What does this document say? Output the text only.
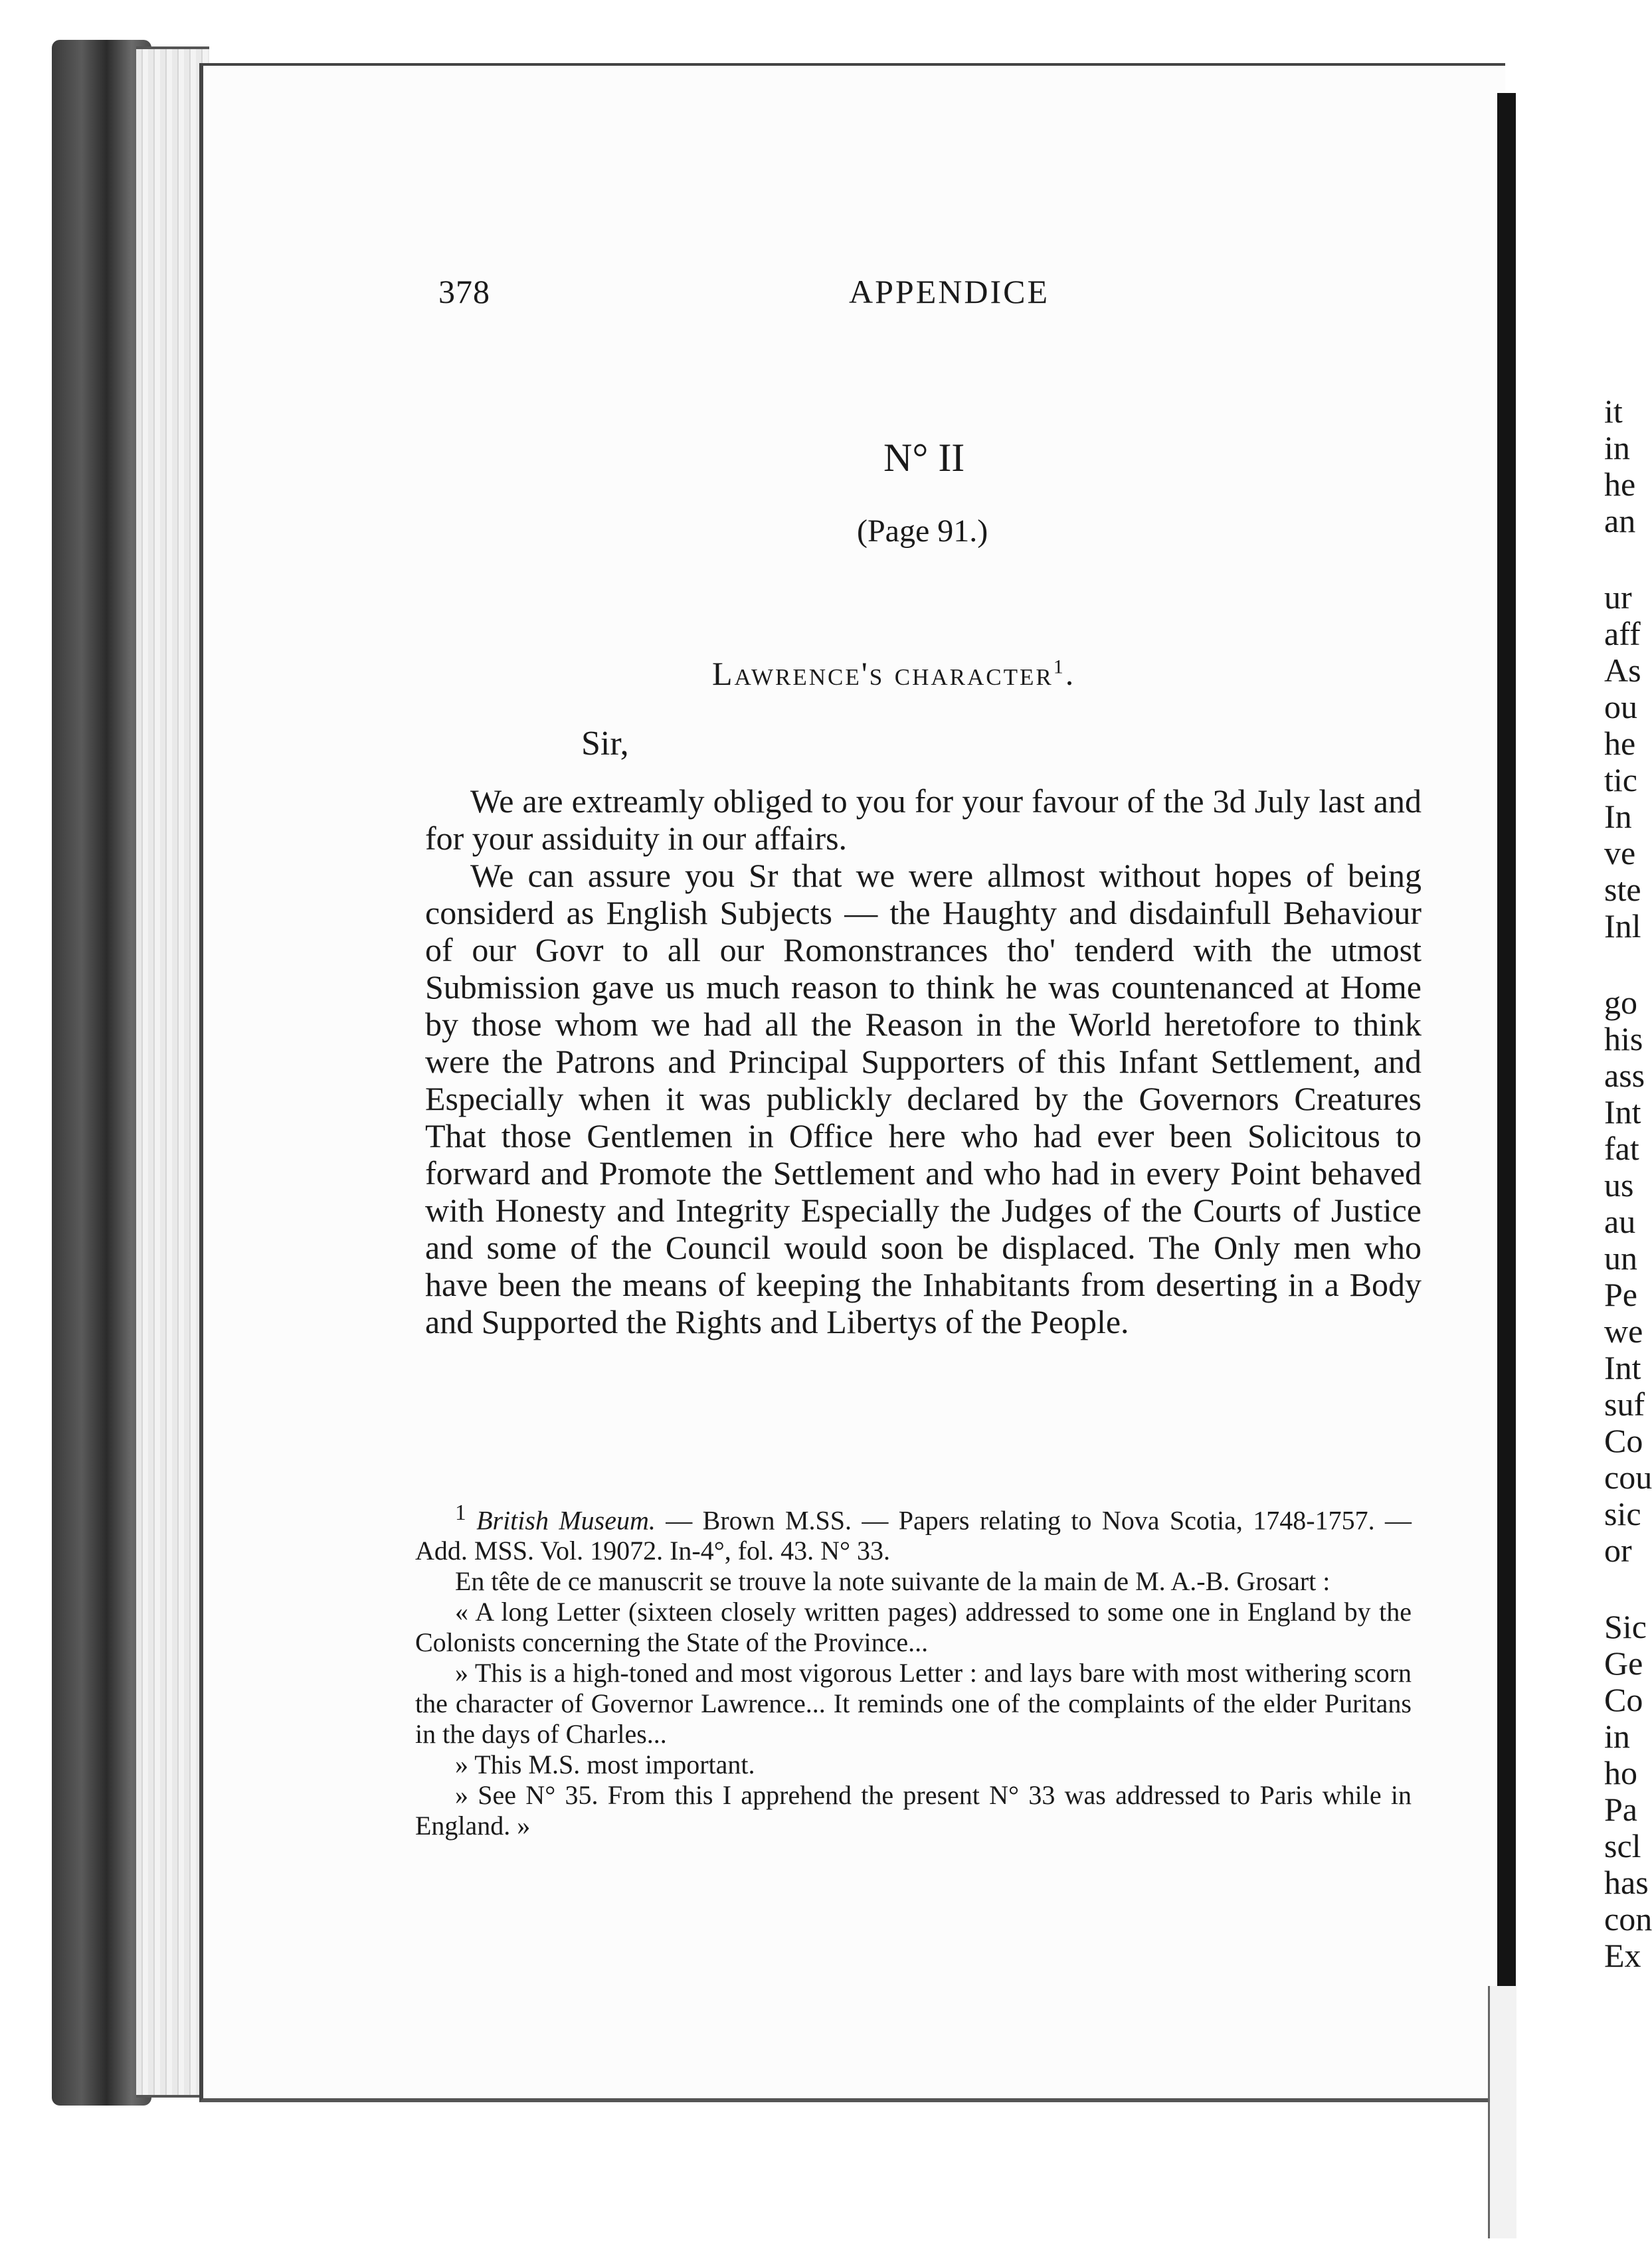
378	APPENDICE
N° II
(Page 91.)
Lawrence's character$^1$.
Sir,

We are extreamly obliged to you for your favour of the 3d July last and for your assiduity in our affairs.

We can assure you Sr that we were allmost without hopes of being considerd as English Subjects — the Haughty and disdainfull Behaviour of our Govr to all our Romonstrances tho' tenderd with the utmost Submission gave us much reason to think he was countenanced at Home by those whom we had all the Reason in the World heretofore to think were the Patrons and Principal Supporters of this Infant Settlement, and Especially when it was publickly declared by the Governors Creatures That those Gentlemen in Office here who had ever been Solicitous to forward and Promote the Settlement and who had in every Point behaved with Honesty and Integrity Especially the Judges of the Courts of Justice and some of the Council would soon be displaced. The Only men who have been the means of keeping the Inhabitants from deserting in a Body and Supported the Rights and Libertys of the People.

$^1$ British Museum. — Brown M.SS. — Papers relating to Nova Scotia, 1748-1757. — Add. MSS. Vol. 19072. In-4°, fol. 43. N° 33.

En tête de ce manuscrit se trouve la note suivante de la main de M. A.-B. Grosart :

« A long Letter (sixteen closely written pages) addressed to some one in England by the Colonists concerning the State of the Province...

» This is a high-toned and most vigorous Letter : and lays bare with most withering scorn the character of Governor Lawrence... It reminds one of the complaints of the elder Puritans in the days of Charles...

» This M.S. most important.

» See N° 35. From this I apprehend the present N° 33 was addressed to Paris while in England. »

it
in
he
an
ur
aff
As
ou
he
tic
In
ve
ste
Inl
go
his
ass
Int
fat
us
au
un
Pe
we
Int
suf
Co
cou
sic
or
Sic
Ge
Co
in
ho
Pa
scl
has
con
Ex
